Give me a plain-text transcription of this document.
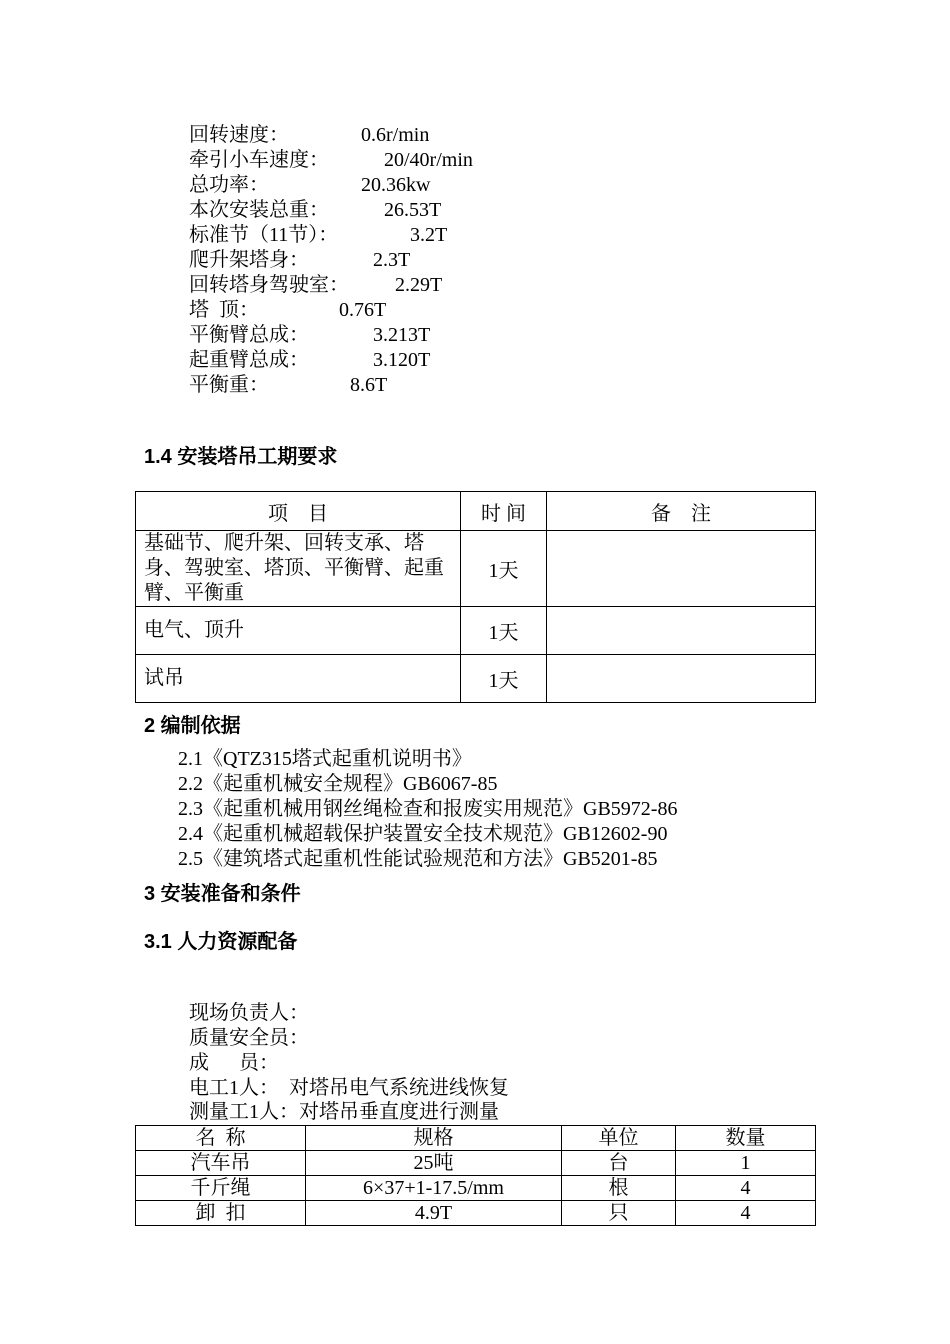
回转速度：	0.6r/min
牵引小车速度：	20/40r/min
总功率：	20.36kw
本次安装总重：	26.53T
标准节（11节）：	3.2T
爬升架塔身：	2.3T
回转塔身驾驶室： 2.29T
塔  顶：	0.76T
平衡臂总成：	3.213T
起重臂总成：	3.120T
平衡重：	8.6T
1.4 安装塔吊工期要求
项    目	时 间	备    注
基础节、爬升架、回转支承、塔身、驾驶室、塔顶、平衡臂、起重臂、平衡重	1天	
电气、顶升	1天	
试吊	1天	
2 编制依据
2.1《QTZ315塔式起重机说明书》
2.2《起重机械安全规程》GB6067-85
2.3《起重机械用钢丝绳检查和报废实用规范》GB5972-86
2.4《起重机械超载保护装置安全技术规范》GB12602-90
2.5《建筑塔式起重机性能试验规范和方法》GB5201-85
3 安装准备和条件
3.1 人力资源配备
现场负责人：
质量安全员：
成      员：
电工1人：  对塔吊电气系统进线恢复
测量工1人：对塔吊垂直度进行测量
名  称	规格	单位	数量
汽车吊	25吨	台	1
千斤绳	6×37+1-17.5/mm	根	4
卸  扣	4.9T	只	4
